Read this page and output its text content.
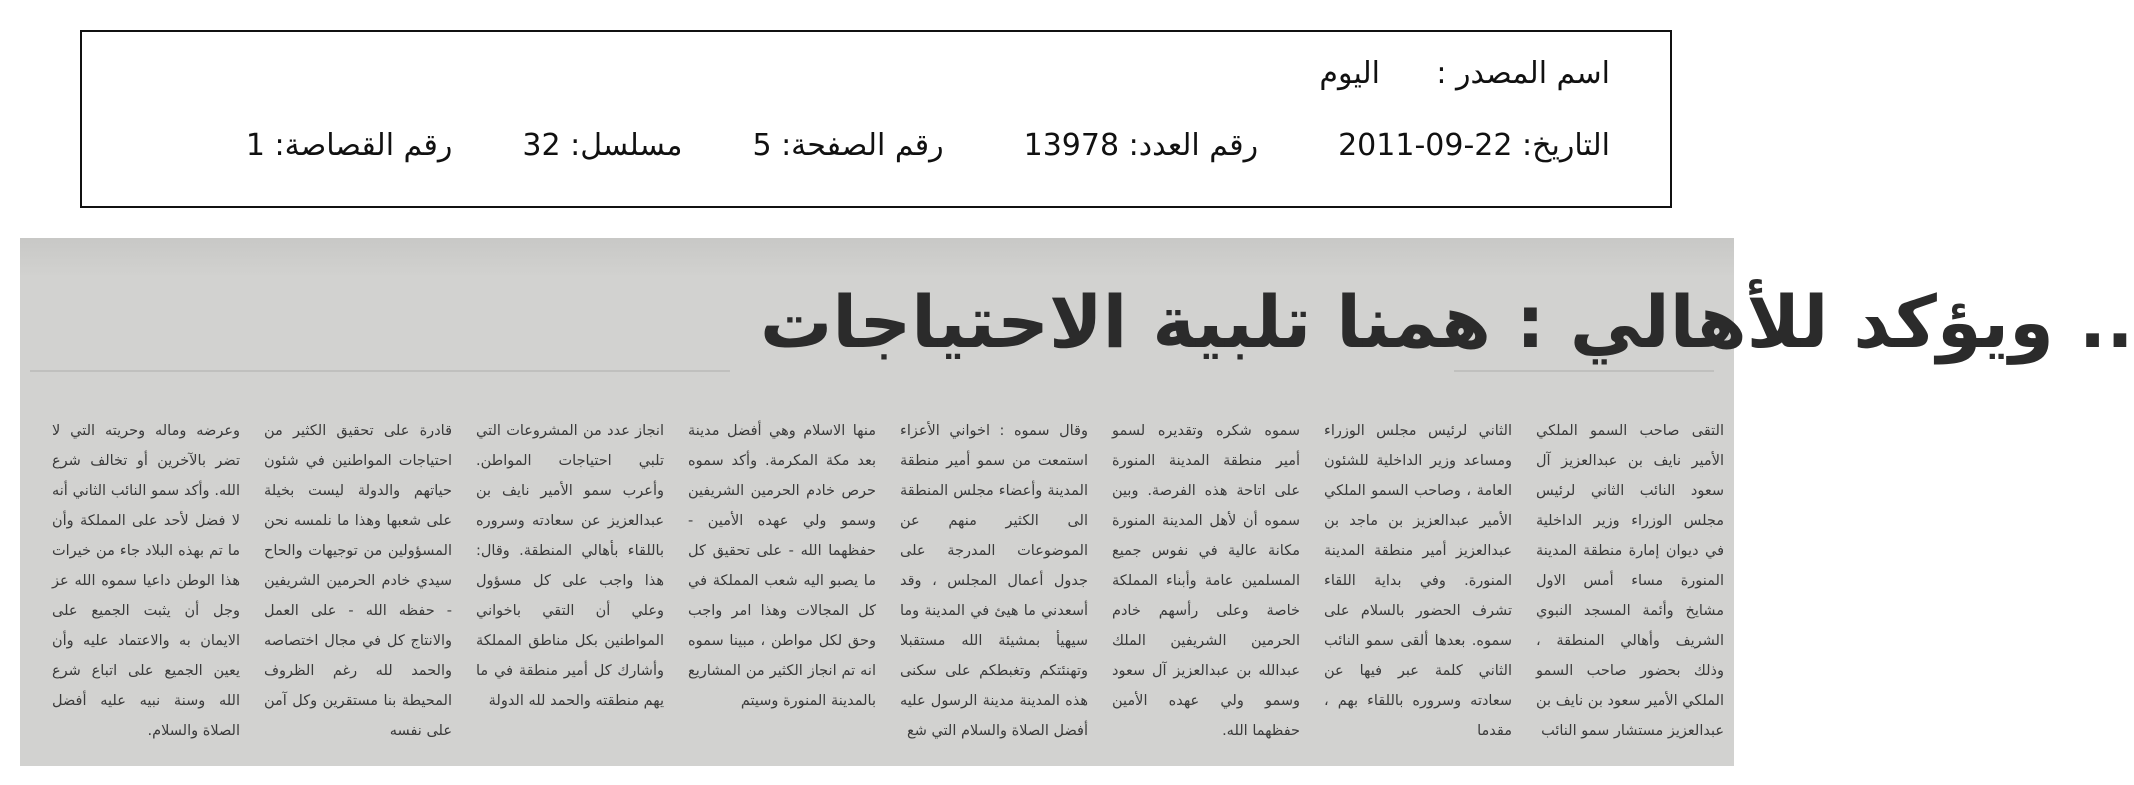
اسم المصدر :اليوم
التاريخ: 22-09-2011رقم العدد: 13978رقم الصفحة: 5مسلسل: 32رقم القصاصة: 1
.. ويؤكد للأهالي : همنا تلبية الاحتياجات
التقى صاحب السمو الملكي الأمير نايف بن عبدالعزيز آل سعود النائب الثاني لرئيس مجلس الوزراء وزير الداخلية في ديوان إمارة منطقة المدينة المنورة مساء أمس الاول مشايخ وأئمة المسجد النبوي الشريف وأهالي المنطقة ، وذلك بحضور صاحب السمو الملكي الأمير سعود بن نايف بن عبدالعزيز مستشار سمو النائب
الثاني لرئيس مجلس الوزراء ومساعد وزير الداخلية للشئون العامة ، وصاحب السمو الملكي الأمير عبدالعزيز بن ماجد بن عبدالعزيز أمير منطقة المدينة المنورة. وفي بداية اللقاء تشرف الحضور بالسلام على سموه. بعدها ألقى سمو النائب الثاني كلمة عبر فيها عن سعادته وسروره باللقاء بهم ، مقدما
سموه شكره وتقديره لسمو أمير منطقة المدينة المنورة على اتاحة هذه الفرصة. وبين سموه أن لأهل المدينة المنورة مكانة عالية في نفوس جميع المسلمين عامة وأبناء المملكة خاصة وعلى رأسهم خادم الحرمين الشريفين الملك عبدالله بن عبدالعزيز آل سعود وسمو ولي عهده الأمين حفظهما الله.
وقال سموه : اخواني الأعزاء استمعت من سمو أمير منطقة المدينة وأعضاء مجلس المنطقة الى الكثير منهم عن الموضوعات المدرجة على جدول أعمال المجلس ، وقد أسعدني ما هيئ في المدينة وما سيهيأ بمشيئة الله مستقبلا وتهنئتكم وتغبطكم على سكنى هذه المدينة مدينة الرسول عليه أفضل الصلاة والسلام التي شع
منها الاسلام وهي أفضل مدينة بعد مكة المكرمة. وأكد سموه حرص خادم الحرمين الشريفين وسمو ولي عهده الأمين - حفظهما الله - على تحقيق كل ما يصبو اليه شعب المملكة في كل المجالات وهذا امر واجب وحق لكل مواطن ، مبينا سموه انه تم انجاز الكثير من المشاريع بالمدينة المنورة وسيتم
انجاز عدد من المشروعات التي تلبي احتياجات المواطن. وأعرب سمو الأمير نايف بن عبدالعزيز عن سعادته وسروره باللقاء بأهالي المنطقة. وقال: هذا واجب على كل مسؤول وعلي أن التقي باخواني المواطنين بكل مناطق المملكة وأشارك كل أمير منطقة في ما يهم منطقته والحمد لله الدولة
قادرة على تحقيق الكثير من احتياجات المواطنين في شئون حياتهم والدولة ليست بخيلة على شعبها وهذا ما نلمسه نحن المسؤولين من توجيهات والحاح سيدي خادم الحرمين الشريفين - حفظه الله - على العمل والانتاج كل في مجال اختصاصه والحمد لله رغم الظروف المحيطة بنا مستقرين وكل آمن على نفسه
وعرضه وماله وحريته التي لا تضر بالآخرين أو تخالف شرع الله. وأكد سمو النائب الثاني أنه لا فضل لأحد على المملكة وأن ما تم بهذه البلاد جاء من خيرات هذا الوطن داعيا سموه الله عز وجل أن يثبت الجميع على الايمان به والاعتماد عليه وأن يعين الجميع على اتباع شرع الله وسنة نبيه عليه أفضل الصلاة والسلام.
